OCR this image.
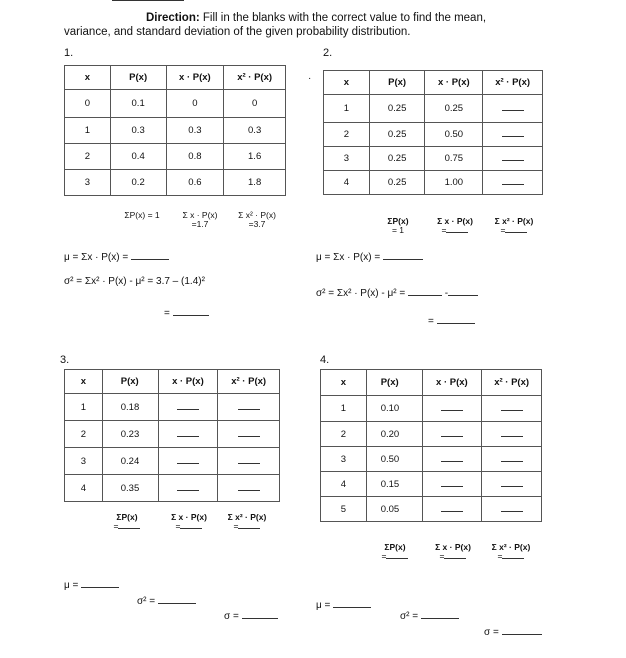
Direction: Fill in the blanks with the correct value to find the mean,
variance, and standard deviation of the given probability distribution.
1.
x	P(x)	x · P(x)	x² · P(x)
0	0.1	0	0
1	0.3	0.3	0.3
2	0.4	0.8	1.6
3	0.2	0.6	1.8
ΣP(x) = 1	Σ x · P(x)
=1.7
Σ x² · P(x)
=3.7
μ = Σx · P(x) =
σ² = Σx² · P(x) - μ² = 3.7 – (1.4)²
=
·
2.
x	P(x)	x · P(x)	x² · P(x)
1	0.25	0.25	
2	0.25	0.50	
3	0.25	0.75	
4	0.25	1.00	
ΣP(x)
= 1
Σ x · P(x)
=
Σ x² · P(x)
=
μ = Σx · P(x) =
σ² = Σx² · P(x) - μ² =	-
=
3.
x	P(x)	x · P(x)	x² · P(x)
1	0.18		
2	0.23		
3	0.24		
4	0.35		
ΣP(x)
=
Σ x · P(x)
=
Σ x² · P(x)
=
μ =
σ² =
σ =
4.
x	P(x)	x · P(x)	x² · P(x)
1	0.10		
2	0.20		
3	0.50		
4	0.15		
5	0.05		
ΣP(x)
=
Σ x · P(x)
=
Σ x² · P(x)
=
μ =
σ² =
σ =
